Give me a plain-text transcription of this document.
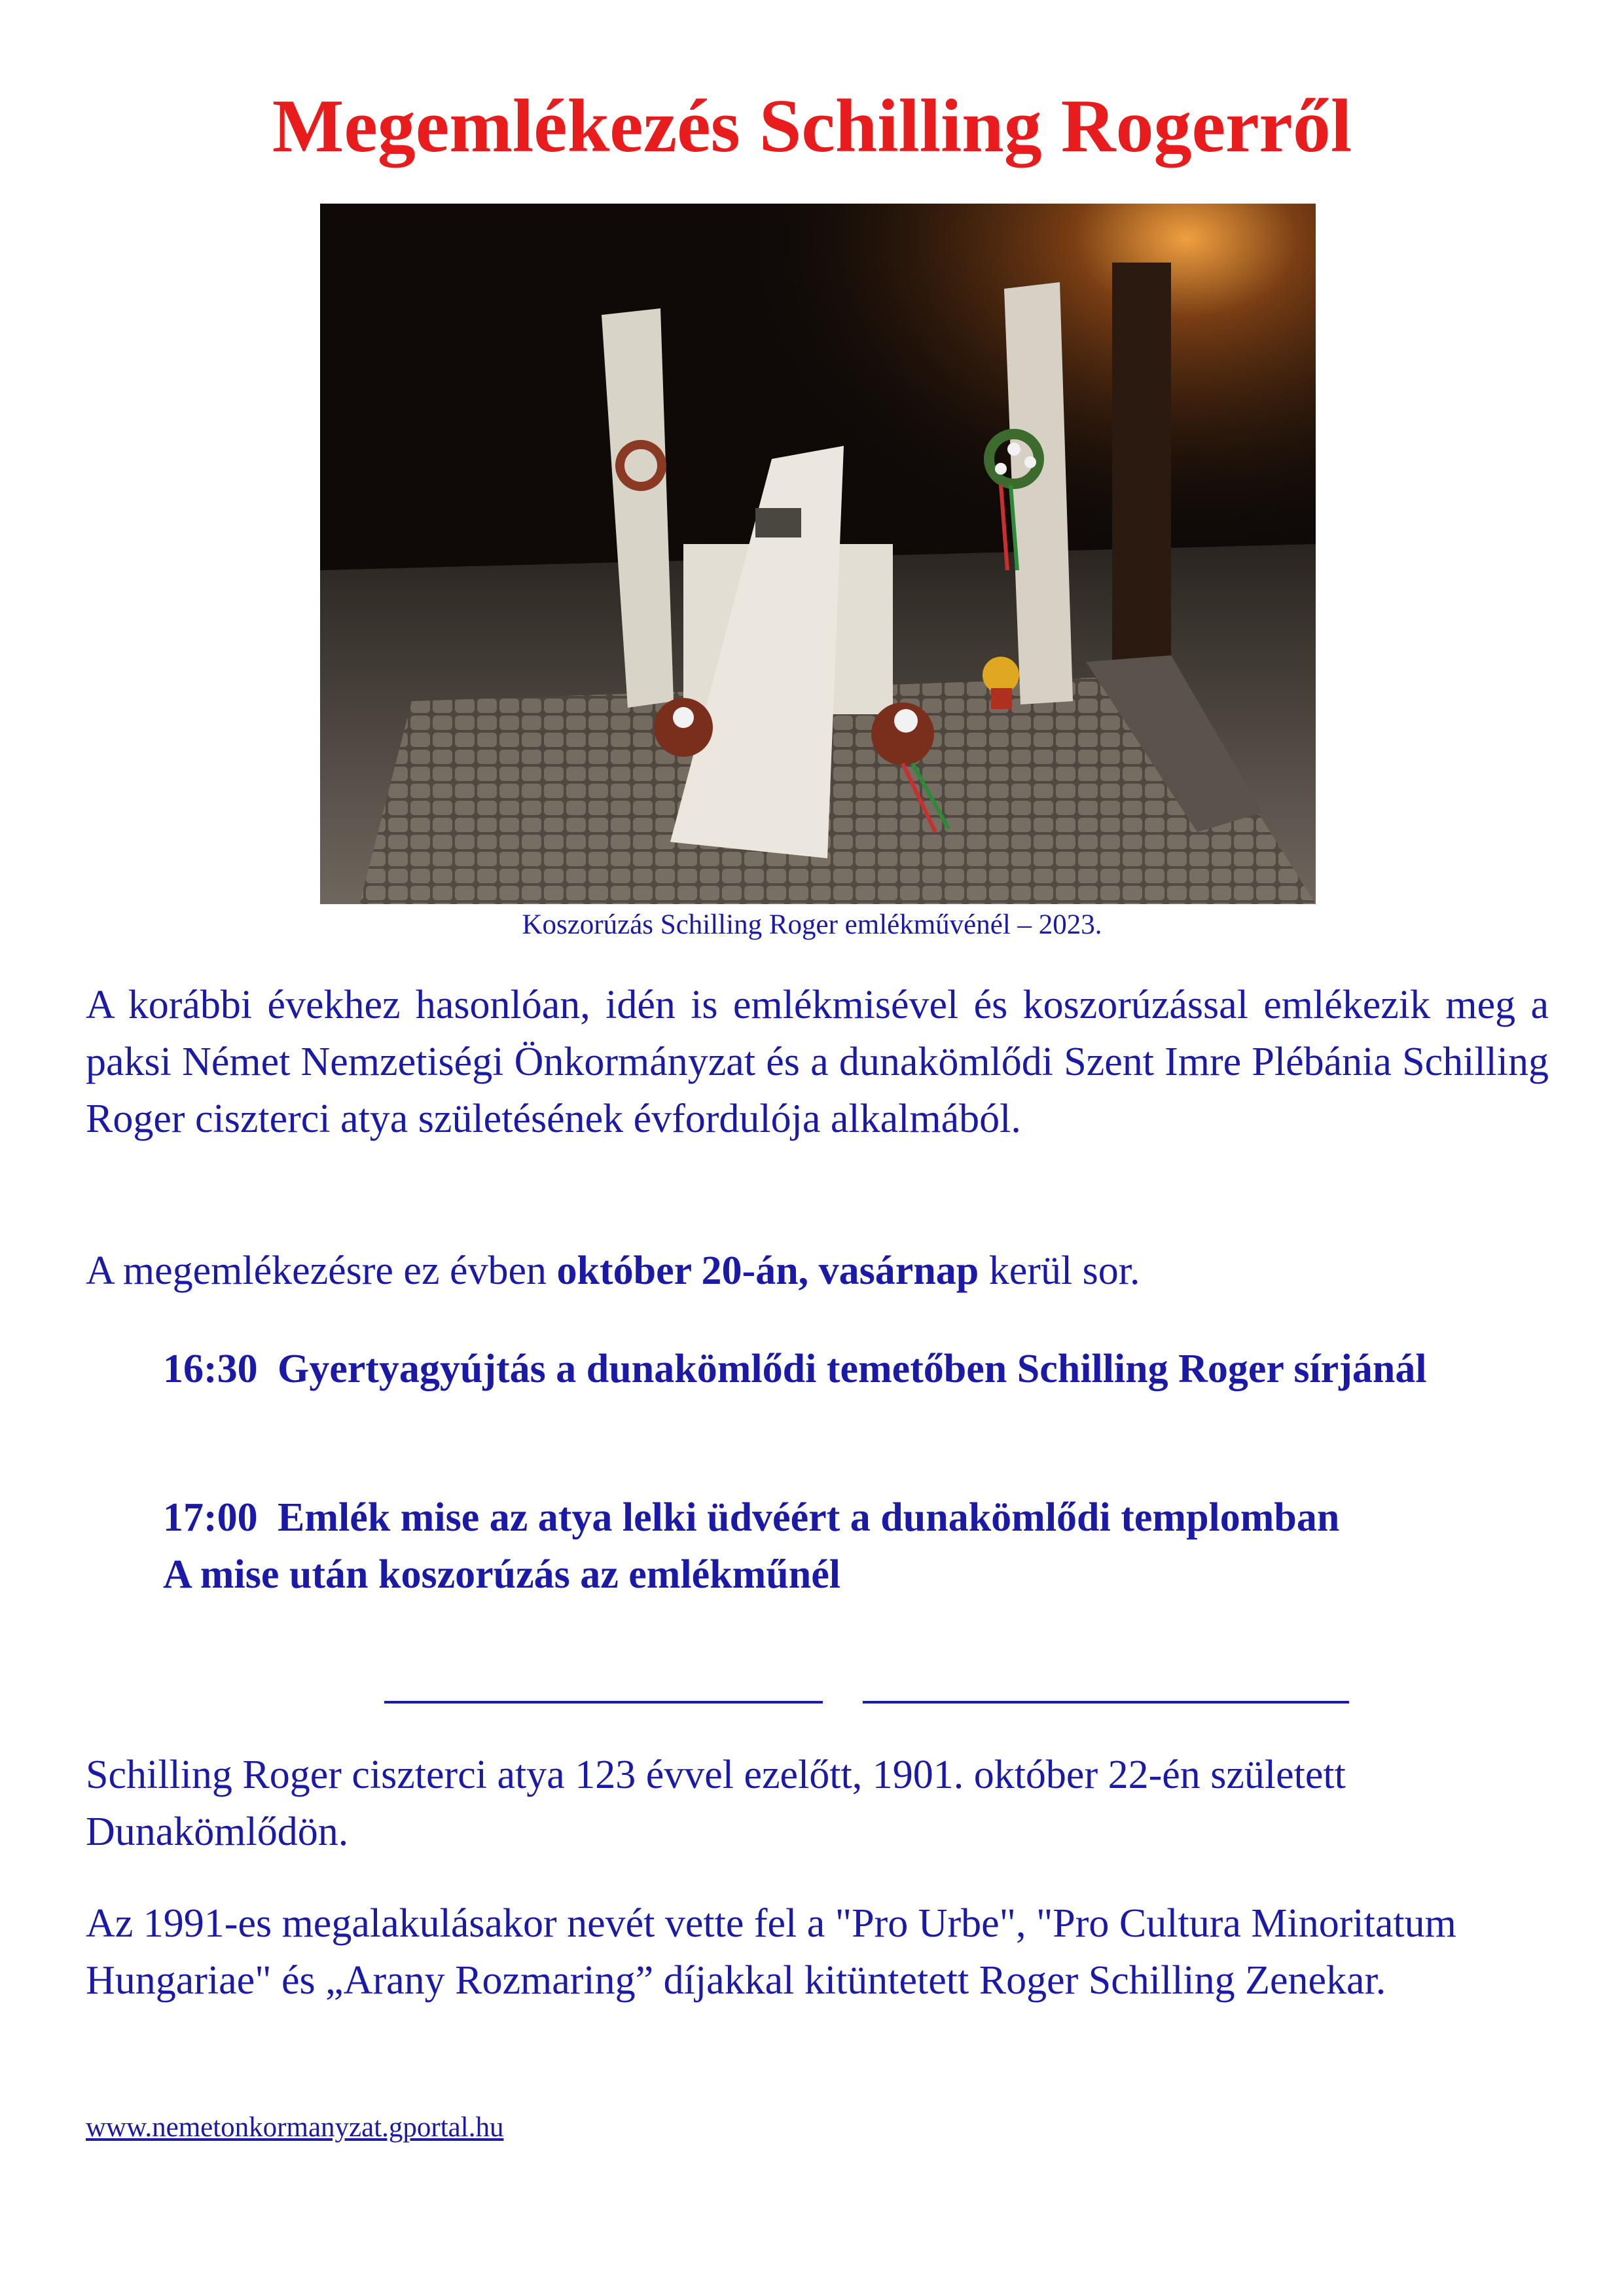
Megemlékezés Schilling Rogerről
Koszorúzás Schilling Roger emlékművénél – 2023.

A korábbi évekhez hasonlóan, idén is emlékmisével és koszorúzással emlékezik meg a paksi Német Nemzetiségi Önkormányzat és a dunakömlődi Szent Imre Plébánia Schilling Roger ciszterci atya születésének évfordulója alkalmából.

A megemlékezésre ez évben október 20-án, vasárnap kerül sor.

16:30 Gyertyagyújtás a dunakömlődi temetőben Schilling Roger sírjánál
17:00 Emlék mise az atya lelki üdvéért a dunakömlődi templomban
A mise után koszorúzás az emlékműnél

Schilling Roger ciszterci atya 123 évvel ezelőtt, 1901. október 22-én született Dunakömlődön.

Az 1991-es megalakulásakor nevét vette fel a "Pro Urbe", "Pro Cultura Minoritatum Hungariae" és „Arany Rozmaring” díjakkal kitüntetett Roger Schilling Zenekar.

www.nemetonkormanyzat.gportal.hu
